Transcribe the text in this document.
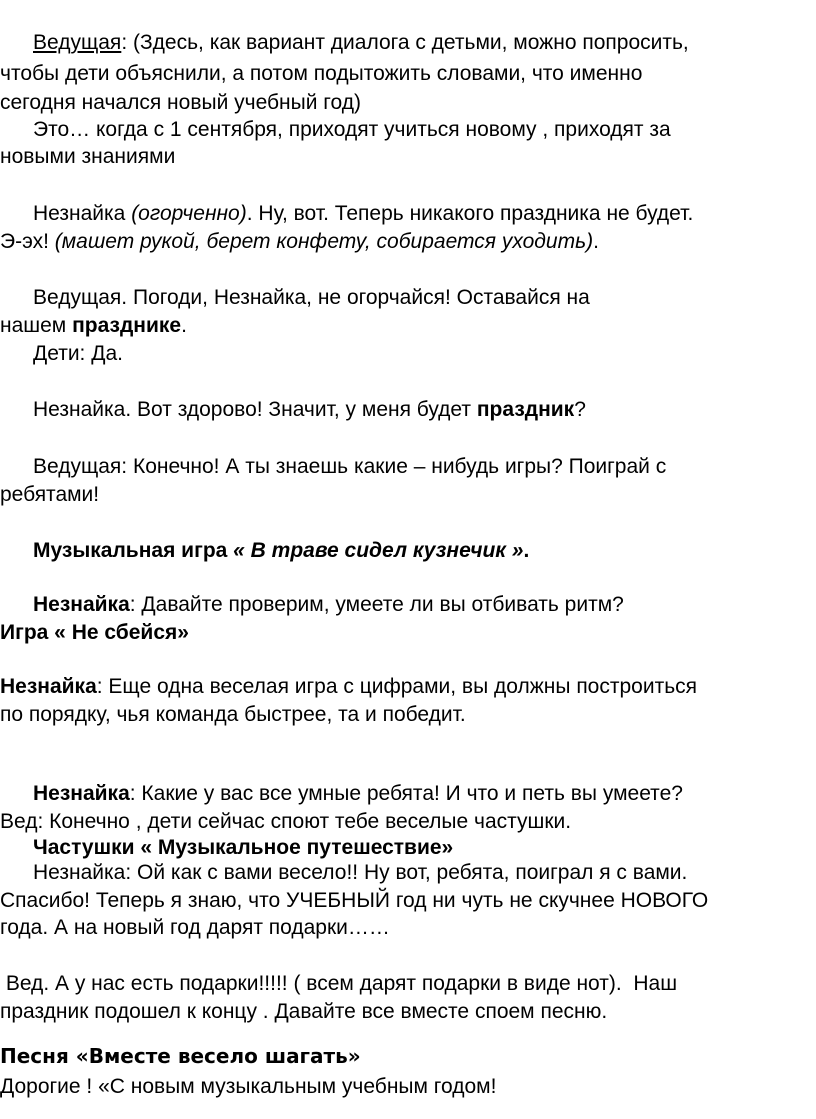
Ведущая: (Здесь, как вариант диалога с детьми, можно попросить,
чтобы дети объяснили, а потом подытожить словами, что именно
сегодня начался новый учебный год)
Это… когда с 1 сентября, приходят учиться новому , приходят за
новыми знаниями
Незнайка (огорченно). Ну, вот. Теперь никакого праздника не будет.
Э-эх! (машет рукой, берет конфету, собирается уходить).
Ведущая. Погоди, Незнайка, не огорчайся! Оставайся на
нашем празднике.
Дети: Да.
Незнайка. Вот здорово! Значит, у меня будет праздник?
Ведущая: Конечно! А ты знаешь какие – нибудь игры? Поиграй с
ребятами!
Музыкальная игра « В траве сидел кузнечик ».
Незнайка: Давайте проверим, умеете ли вы отбивать ритм?
Игра « Не сбейся»
Незнайка: Еще одна веселая игра с цифрами, вы должны построиться
по порядку, чья команда быстрее, та и победит.
Незнайка: Какие у вас все умные ребята! И что и петь вы умеете?
Вед: Конечно , дети сейчас споют тебе веселые частушки.
Частушки « Музыкальное путешествие»
Незнайка: Ой как с вами весело!! Ну вот, ребята, поиграл я с вами.
Спасибо! Теперь я знаю, что УЧЕБНЫЙ год ни чуть не скучнее НОВОГО
года. А на новый год дарят подарки……
Вед. А у нас есть подарки!!!!! ( всем дарят подарки в виде нот).  Наш
праздник подошел к концу . Давайте все вместе споем песню.
Песня «Вместе весело шагать»
Дорогие ! «С новым музыкальным учебным годом!
